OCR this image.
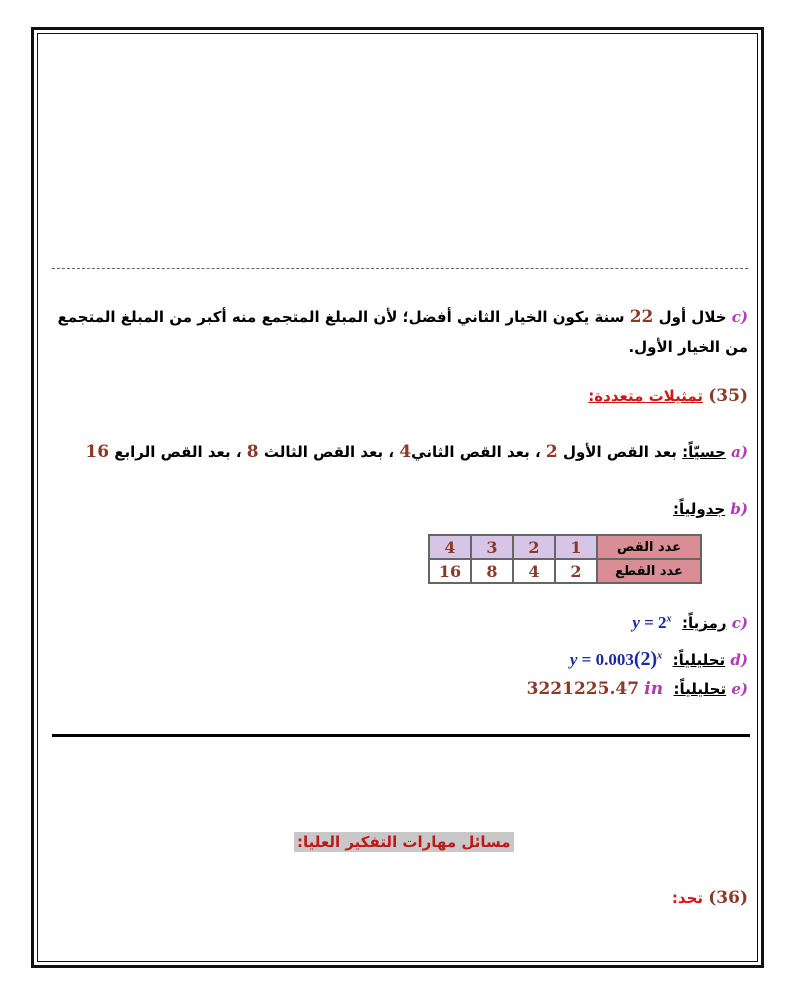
c) خلال أول 22 سنة يكون الخيار الثاني أفضل؛ لأن المبلغ المتجمع منه أكبر من المبلغ المتجمع
من الخيار الأول.
(35) تمثيلات متعددة:
a) حسيّاً: بعد القص الأول 2 ، بعد القص الثاني4 ، بعد القص الثالث 8 ، بعد القص الرابع 16
b) جدولياً:
4	3	2	1	عدد القص
16	8	4	2	عدد القطع
c) رمزياً:  $y = 2^x$
d) تحليلياً:  $y = 0.003(2)^x$
e) تحليلياً:  3221225.47 in
مسائل مهارات التفكير العليا:
(36) تحد:
